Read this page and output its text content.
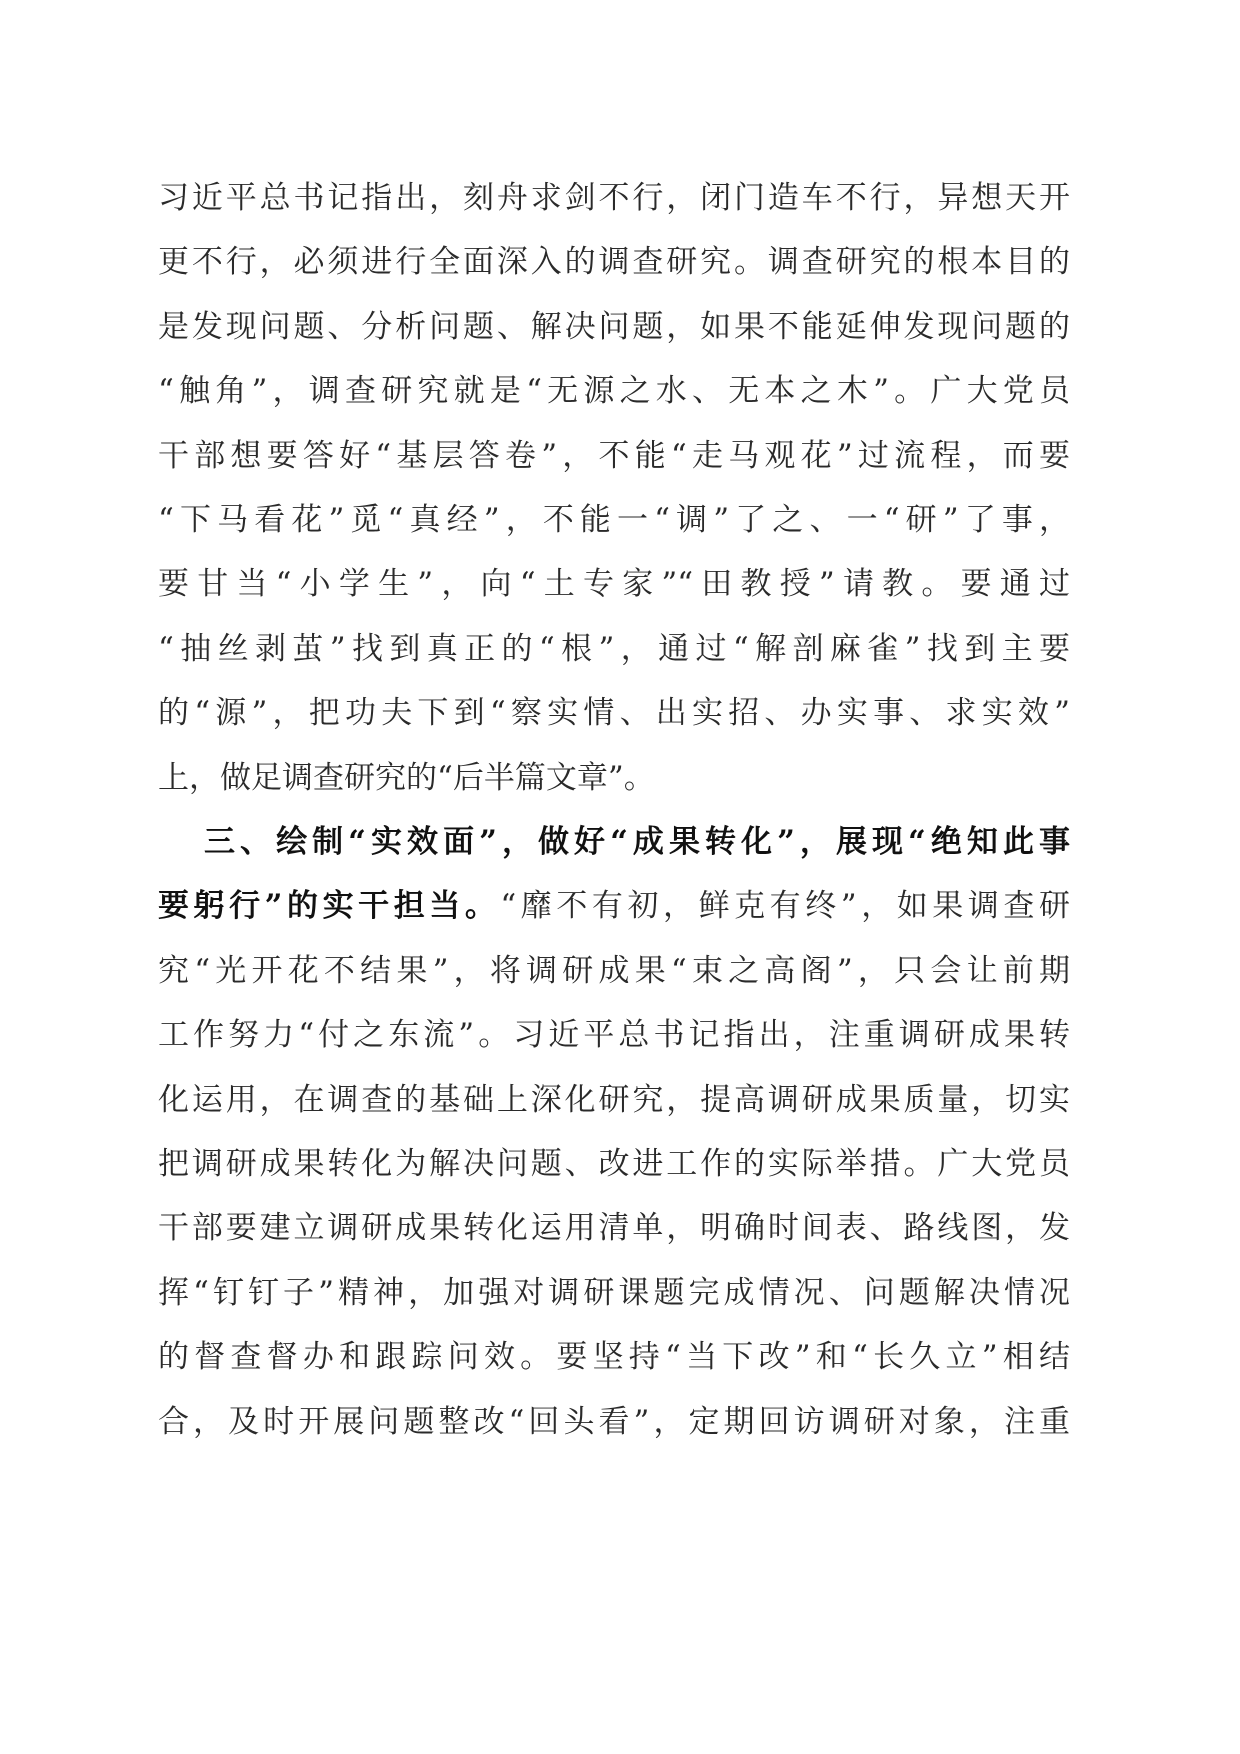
习近平总书记指出，刻舟求剑不行，闭门造车不行，异想天开
更不行，必须进行全面深入的调查研究。调查研究的根本目的
是发现问题、分析问题、解决问题，如果不能延伸发现问题的
“触角”，调查研究就是“无源之水、无本之木”。广大党员
干部想要答好“基层答卷”，不能“走马观花”过流程，而要
“下马看花”觅“真经”，不能一“调”了之、一“研”了事，
要甘当“小学生”，向“土专家”“田教授”请教。要通过
“抽丝剥茧”找到真正的“根”，通过“解剖麻雀”找到主要
的“源”，把功夫下到“察实情、出实招、办实事、求实效”
上，做足调查研究的“后半篇文章”。
三、绘制“实效面”，做好“成果转化”，展现“绝知此事
要躬行”的实干担当。“靡不有初，鲜克有终”，如果调查研
究“光开花不结果”，将调研成果“束之高阁”，只会让前期
工作努力“付之东流”。习近平总书记指出，注重调研成果转
化运用，在调查的基础上深化研究，提高调研成果质量，切实
把调研成果转化为解决问题、改进工作的实际举措。广大党员
干部要建立调研成果转化运用清单，明确时间表、路线图，发
挥“钉钉子”精神，加强对调研课题完成情况、问题解决情况
的督查督办和跟踪问效。要坚持“当下改”和“长久立”相结
合，及时开展问题整改“回头看”，定期回访调研对象，注重
